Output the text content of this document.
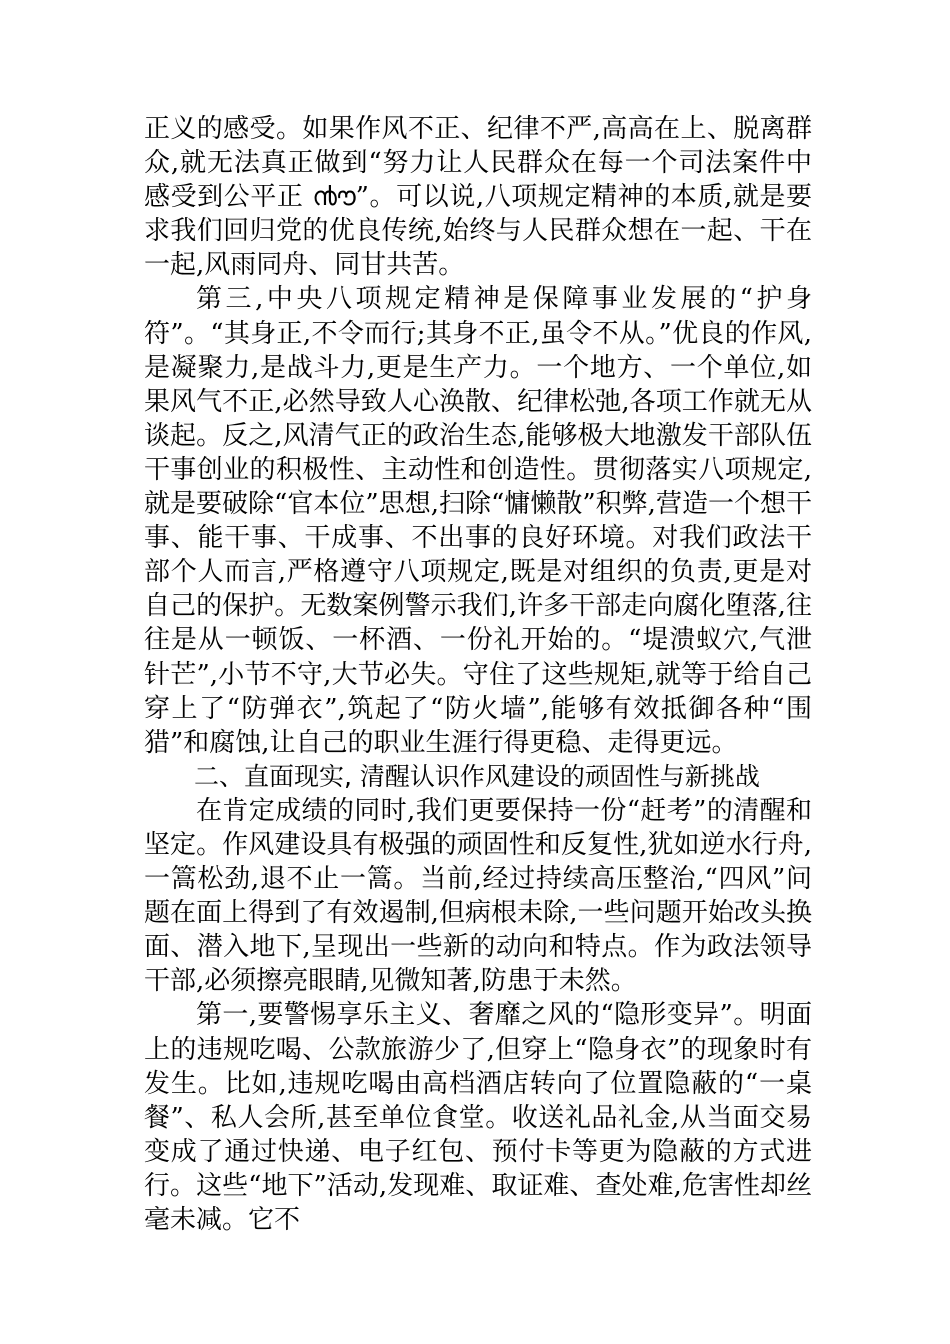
正义的感受。如果作风不正、纪律不严,高高在上、脱离群众,就无法真正做到“努力让人民群众在每一个司法案件中感受到公平正 ൯ൗ”。可以说,八项规定精神的本质,就是要求我们回归党的优良传统,始终与人民群众想在一起、干在一起,风雨同舟、同甘共苦。

第三,中央八项规定精神是保障事业发展的“护身符”。“其身正,不令而行;其身不正,虽令不从。”优良的作风,是凝聚力,是战斗力,更是生产力。一个地方、一个单位,如果风气不正,必然导致人心涣散、纪律松弛,各项工作就无从谈起。反之,风清气正的政治生态,能够极大地激发干部队伍干事创业的积极性、主动性和创造性。贯彻落实八项规定,就是要破除“官本位”思想,扫除“慵懒散”积弊,营造一个想干事、能干事、干成事、不出事的良好环境。对我们政法干部个人而言,严格遵守八项规定,既是对组织的负责,更是对自己的保护。无数案例警示我们,许多干部走向腐化堕落,往往是从一顿饭、一杯酒、一份礼开始的。“堤溃蚁穴,气泄针芒”,小节不守,大节必失。守住了这些规矩,就等于给自己穿上了“防弹衣”,筑起了“防火墙”,能够有效抵御各种“围猎”和腐蚀,让自己的职业生涯行得更稳、走得更远。

二、直面现实, 清醒认识作风建设的顽固性与新挑战

在肯定成绩的同时,我们更要保持一份“赶考”的清醒和坚定。作风建设具有极强的顽固性和反复性,犹如逆水行舟,一篙松劲,退不止一篙。当前,经过持续高压整治,“四风”问题在面上得到了有效遏制,但病根未除,一些问题开始改头换面、潜入地下,呈现出一些新的动向和特点。作为政法领导干部,必须擦亮眼睛,见微知著,防患于未然。

第一,要警惕享乐主义、奢靡之风的“隐形变异”。明面上的违规吃喝、公款旅游少了,但穿上“隐身衣”的现象时有发生。比如,违规吃喝由高档酒店转向了位置隐蔽的“一桌餐”、私人会所,甚至单位食堂。收送礼品礼金,从当面交易变成了通过快递、电子红包、预付卡等更为隐蔽的方式进行。这些“地下”活动,发现难、取证难、查处难,危害性却丝毫未减。它不
